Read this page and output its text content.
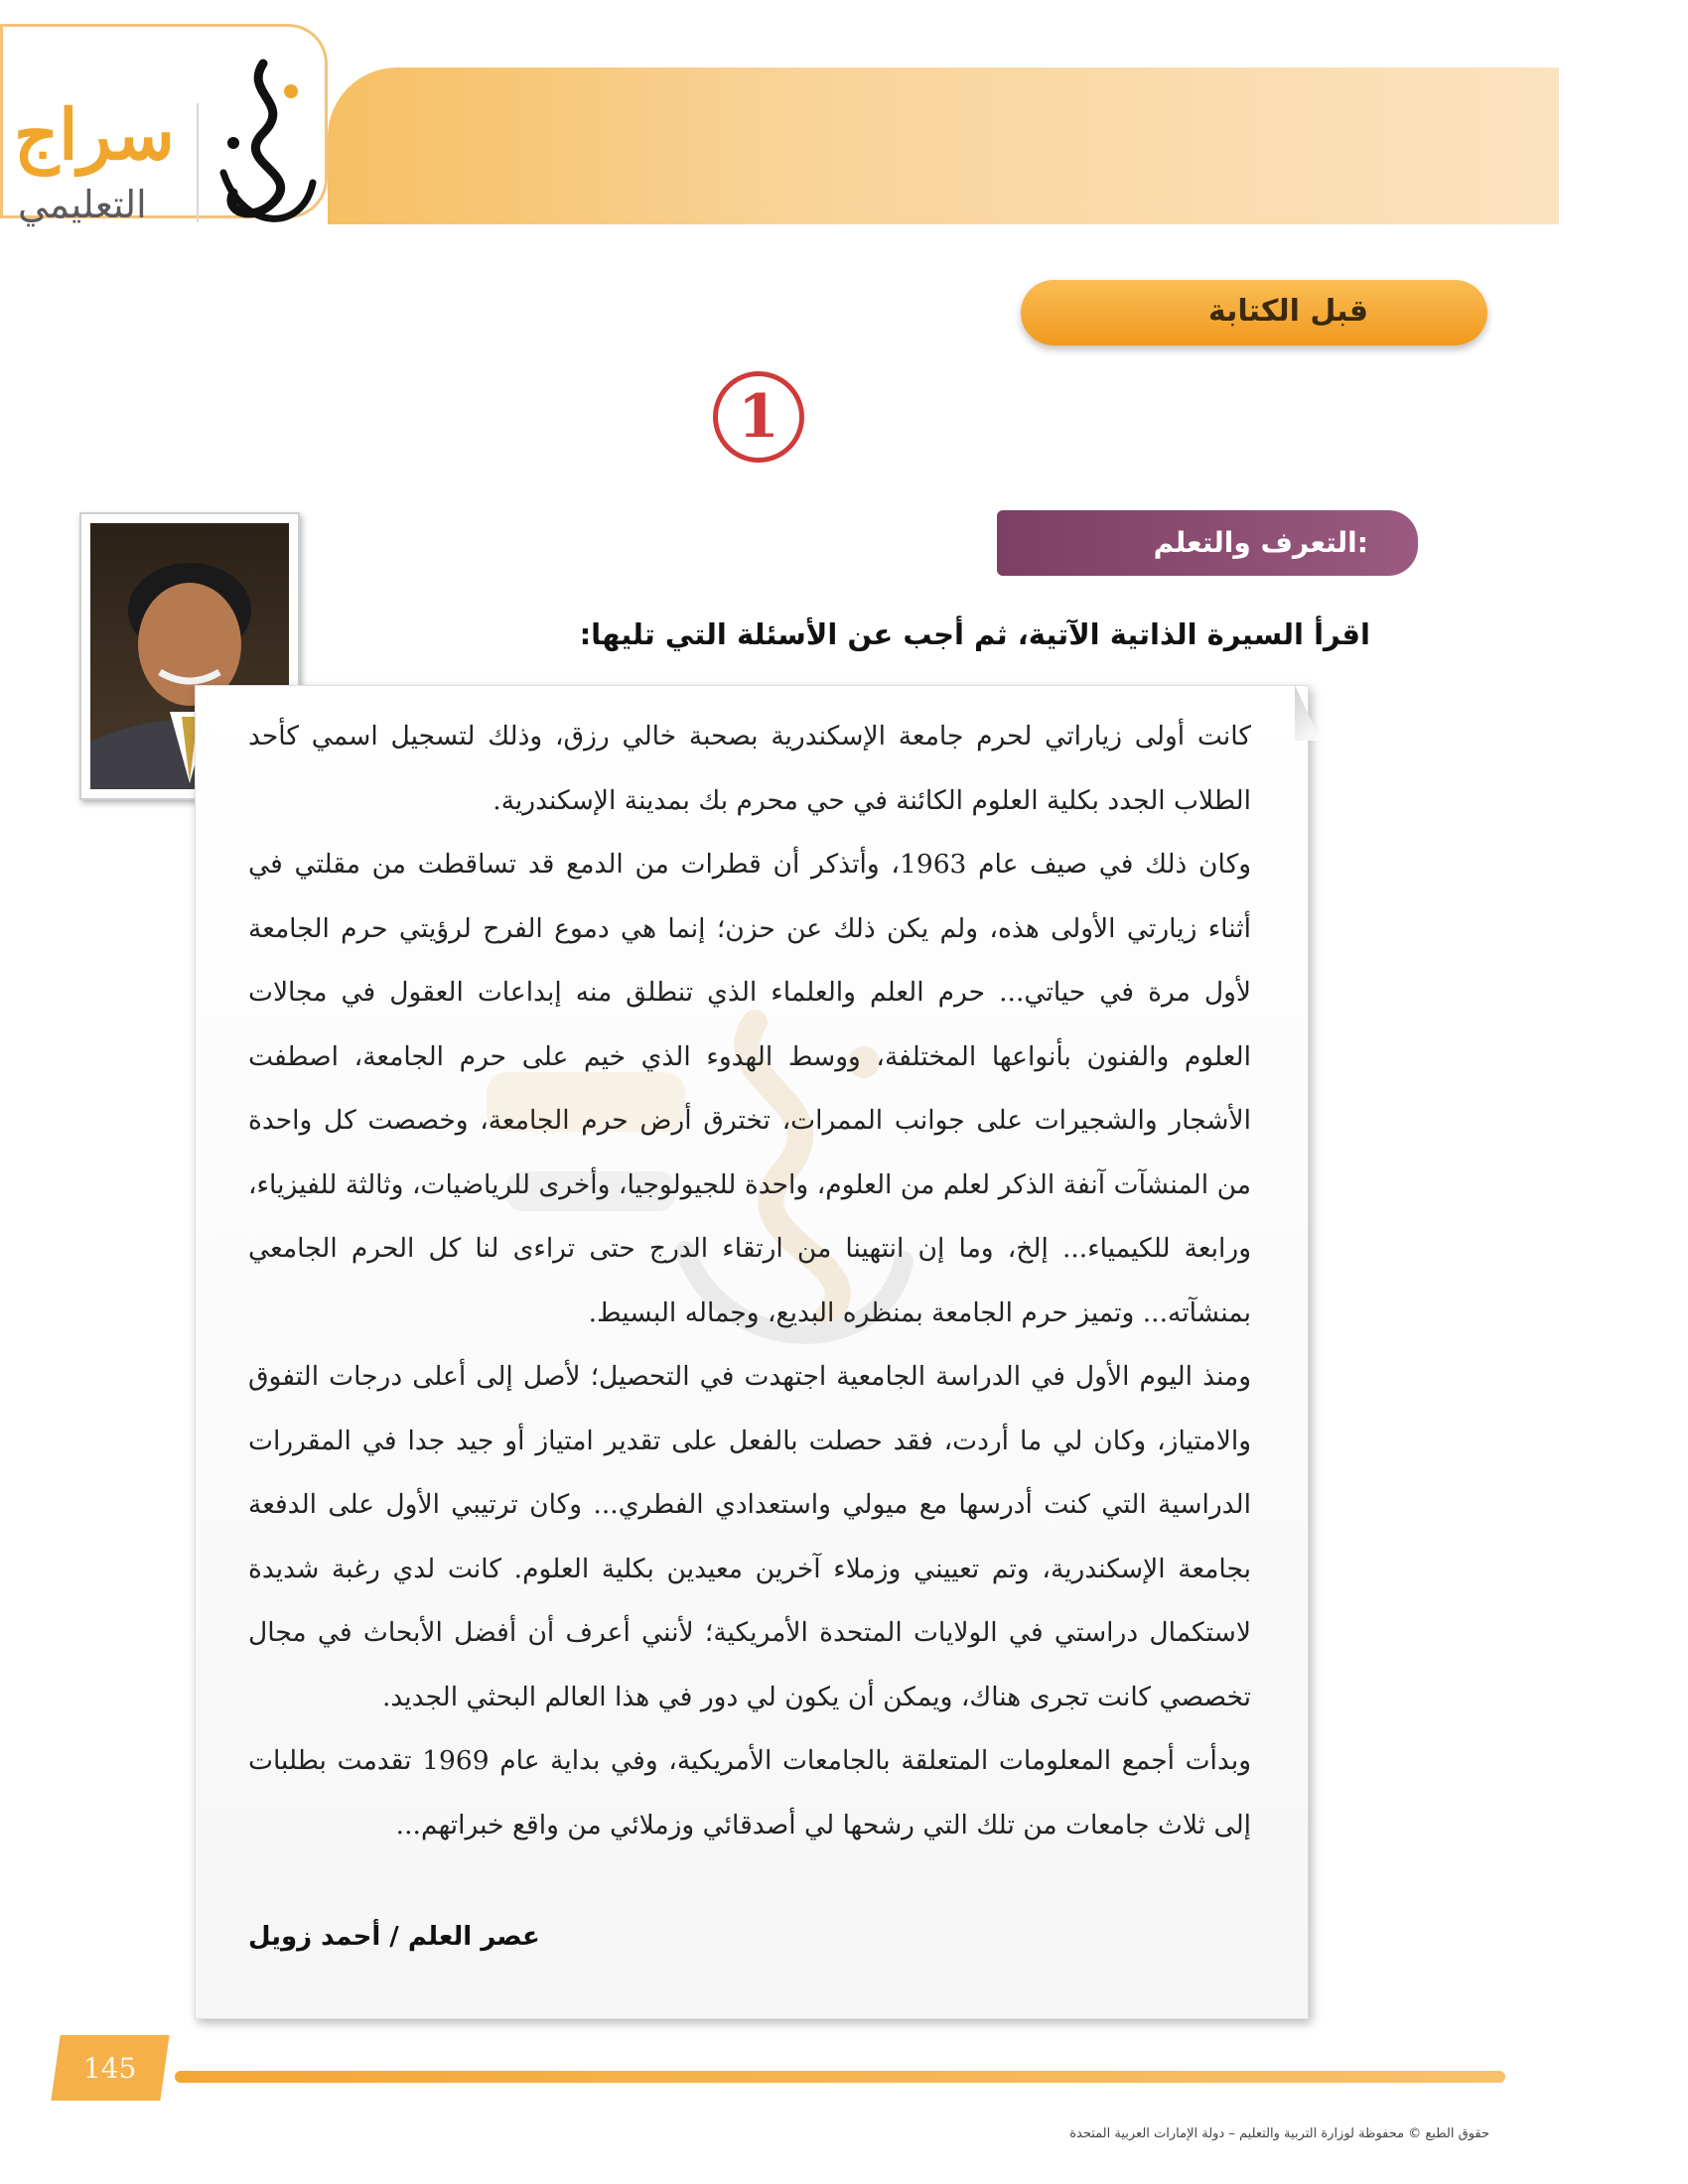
سراج
التعليمي
قبل الكتابة
1
التعرف والتعلم:
اقرأ السيرة الذاتية الآتية، ثم أجب عن الأسئلة التي تليها:

كانت أولى زياراتي لحرم جامعة الإسكندرية بصحبة خالي رزق، وذلك لتسجيل اسمي كأحد الطلاب الجدد بكلية العلوم الكائنة في حي محرم بك بمدينة الإسكندرية.

وكان ذلك في صيف عام 1963، وأتذكر أن قطرات من الدمع قد تساقطت من مقلتي في أثناء زيارتي الأولى هذه، ولم يكن ذلك عن حزن؛ إنما هي دموع الفرح لرؤيتي حرم الجامعة لأول مرة في حياتي... حرم العلم والعلماء الذي تنطلق منه إبداعات العقول في مجالات العلوم والفنون بأنواعها المختلفة، ووسط الهدوء الذي خيم على حرم الجامعة، اصطفت الأشجار والشجيرات على جوانب الممرات، تخترق أرض حرم الجامعة، وخصصت كل واحدة من المنشآت آنفة الذكر لعلم من العلوم، واحدة للجيولوجيا، وأخرى للرياضيات، وثالثة للفيزياء، ورابعة للكيمياء... إلخ، وما إن انتهينا من ارتقاء الدرج حتى تراءى لنا كل الحرم الجامعي بمنشآته... وتميز حرم الجامعة بمنظره البديع، وجماله البسيط.

ومنذ اليوم الأول في الدراسة الجامعية اجتهدت في التحصيل؛ لأصل إلى أعلى درجات التفوق والامتياز، وكان لي ما أردت، فقد حصلت بالفعل على تقدير امتياز أو جيد جدا في المقررات الدراسية التي كنت أدرسها مع ميولي واستعدادي الفطري... وكان ترتيبي الأول على الدفعة بجامعة الإسكندرية، وتم تعييني وزملاء آخرين معيدين بكلية العلوم. كانت لدي رغبة شديدة لاستكمال دراستي في الولايات المتحدة الأمريكية؛ لأنني أعرف أن أفضل الأبحاث في مجال تخصصي كانت تجرى هناك، ويمكن أن يكون لي دور في هذا العالم البحثي الجديد.

وبدأت أجمع المعلومات المتعلقة بالجامعات الأمريكية، وفي بداية عام 1969 تقدمت بطلبات إلى ثلاث جامعات من تلك التي رشحها لي أصدقائي وزملائي من واقع خبراتهم...

عصر العلم / أحمد زويل
145
حقوق الطبع © محفوظة لوزارة التربية والتعليم – دولة الإمارات العربية المتحدة
